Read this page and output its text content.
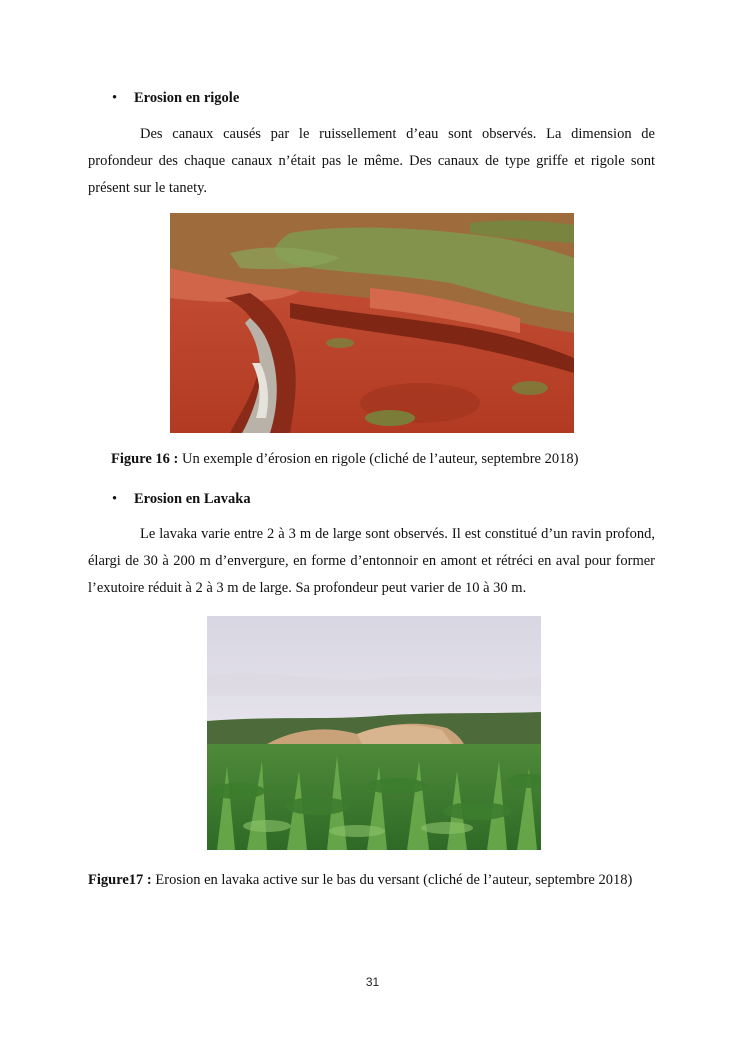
• Erosion en rigole
Des canaux causés par le ruissellement d’eau sont observés. La dimension de profondeur des chaque canaux n’était pas le même. Des canaux de type griffe et rigole sont présent sur le tanety.
Figure 16 : Un exemple d’érosion en rigole (cliché de l’auteur, septembre 2018)
• Erosion en Lavaka
Le lavaka varie entre 2 à 3 m de large sont observés. Il est constitué d’un ravin profond, élargi de 30 à 200 m d’envergure, en forme d’entonnoir en amont et rétréci en aval pour former l’exutoire réduit à 2 à 3 m de large. Sa profondeur peut varier de 10 à 30 m.
Figure17 : Erosion en lavaka active sur le bas du versant (cliché de l’auteur, septembre 2018)
31
